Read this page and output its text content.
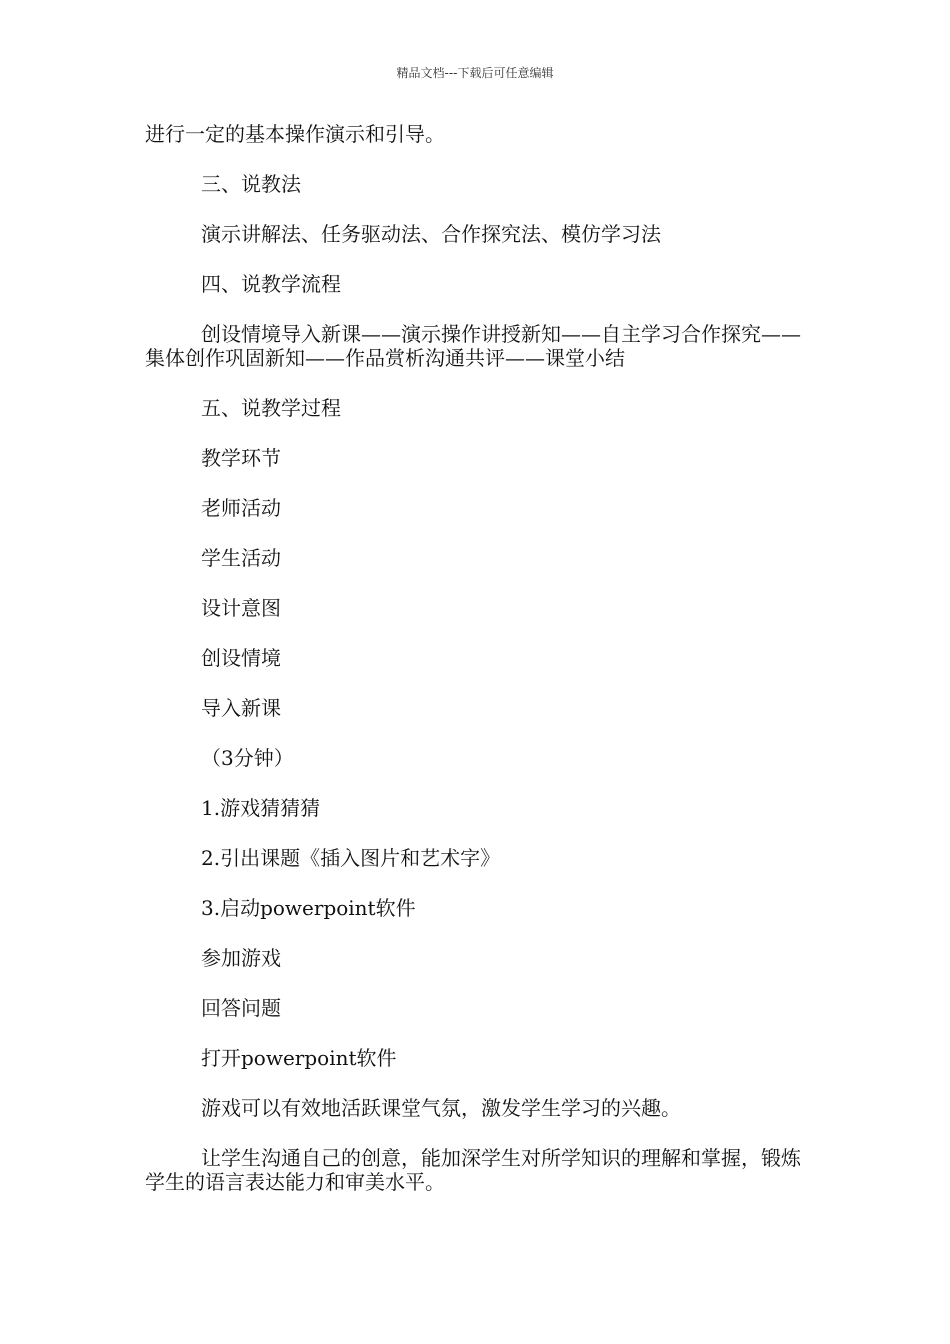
精品文档---下载后可任意编辑

进行一定的基本操作演示和引导。

三、说教法

演示讲解法、任务驱动法、合作探究法、模仿学习法

四、说教学流程

创设情境导入新课——演示操作讲授新知——自主学习合作探究——集体创作巩固新知——作品赏析沟通共评——课堂小结

五、说教学过程

教学环节

老师活动

学生活动

设计意图

创设情境

导入新课

（3分钟）

1.游戏猜猜猜

2.引出课题《插入图片和艺术字》

3.启动powerpoint软件

参加游戏

回答问题

打开powerpoint软件

游戏可以有效地活跃课堂气氛，激发学生学习的兴趣。

让学生沟通自己的创意，能加深学生对所学知识的理解和掌握，锻炼学生的语言表达能力和审美水平。
